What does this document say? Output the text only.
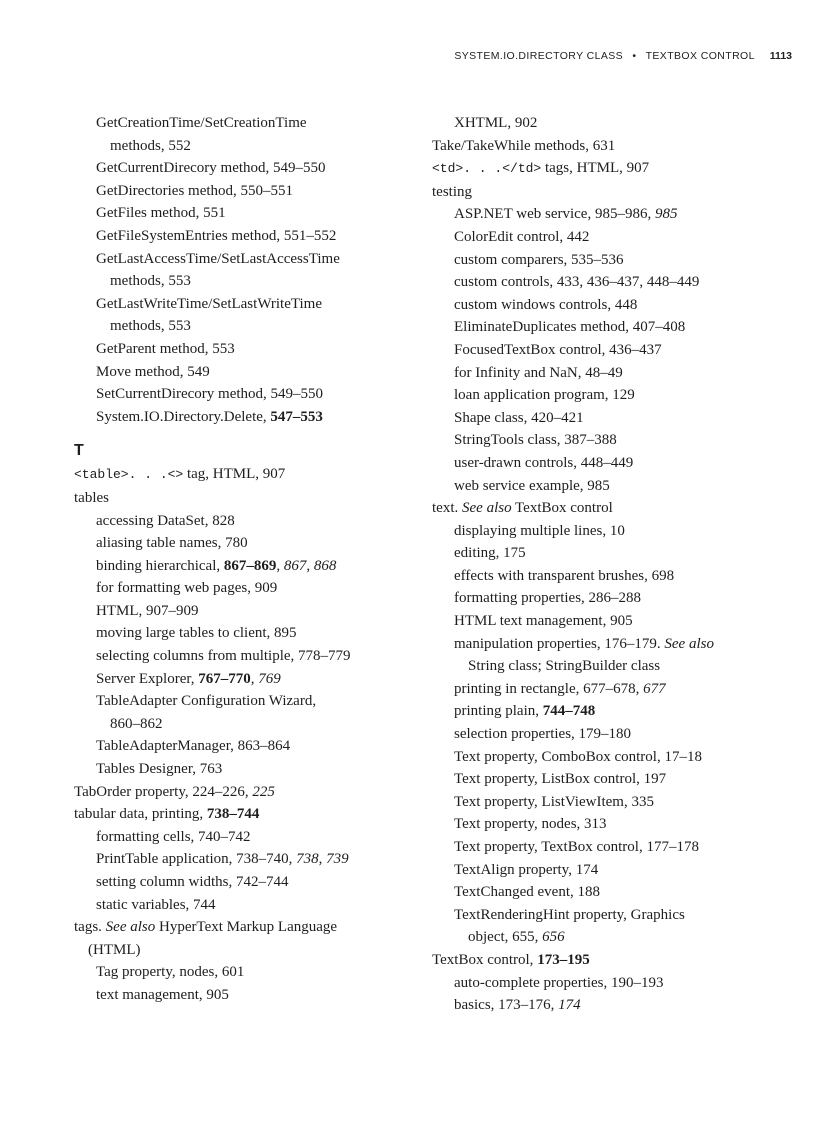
SYSTEM.IO.DIRECTORY CLASS • TEXTBOX CONTROL 1113
GetCreationTime/SetCreationTime
methods, 552
GetCurrentDirecory method, 549–550
GetDirectories method, 550–551
GetFiles method, 551
GetFileSystemEntries method, 551–552
GetLastAccessTime/SetLastAccessTime
methods, 553
GetLastWriteTime/SetLastWriteTime
methods, 553
GetParent method, 553
Move method, 549
SetCurrentDirecory method, 549–550
System.IO.Directory.Delete, 547–553
T
<table>. . .<> tag, HTML, 907
tables
accessing DataSet, 828
aliasing table names, 780
binding hierarchical, 867–869, 867, 868
for formatting web pages, 909
HTML, 907–909
moving large tables to client, 895
selecting columns from multiple, 778–779
Server Explorer, 767–770, 769
TableAdapter Configuration Wizard,
860–862
TableAdapterManager, 863–864
Tables Designer, 763
TabOrder property, 224–226, 225
tabular data, printing, 738–744
formatting cells, 740–742
PrintTable application, 738–740, 738, 739
setting column widths, 742–744
static variables, 744
tags. See also HyperText Markup Language
(HTML)
Tag property, nodes, 601
text management, 905
XHTML, 902
Take/TakeWhile methods, 631
<td>. . .</td> tags, HTML, 907
testing
ASP.NET web service, 985–986, 985
ColorEdit control, 442
custom comparers, 535–536
custom controls, 433, 436–437, 448–449
custom windows controls, 448
EliminateDuplicates method, 407–408
FocusedTextBox control, 436–437
for Infinity and NaN, 48–49
loan application program, 129
Shape class, 420–421
StringTools class, 387–388
user-drawn controls, 448–449
web service example, 985
text. See also TextBox control
displaying multiple lines, 10
editing, 175
effects with transparent brushes, 698
formatting properties, 286–288
HTML text management, 905
manipulation properties, 176–179. See also
String class; StringBuilder class
printing in rectangle, 677–678, 677
printing plain, 744–748
selection properties, 179–180
Text property, ComboBox control, 17–18
Text property, ListBox control, 197
Text property, ListViewItem, 335
Text property, nodes, 313
Text property, TextBox control, 177–178
TextAlign property, 174
TextChanged event, 188
TextRenderingHint property, Graphics
object, 655, 656
TextBox control, 173–195
auto-complete properties, 190–193
basics, 173–176, 174
